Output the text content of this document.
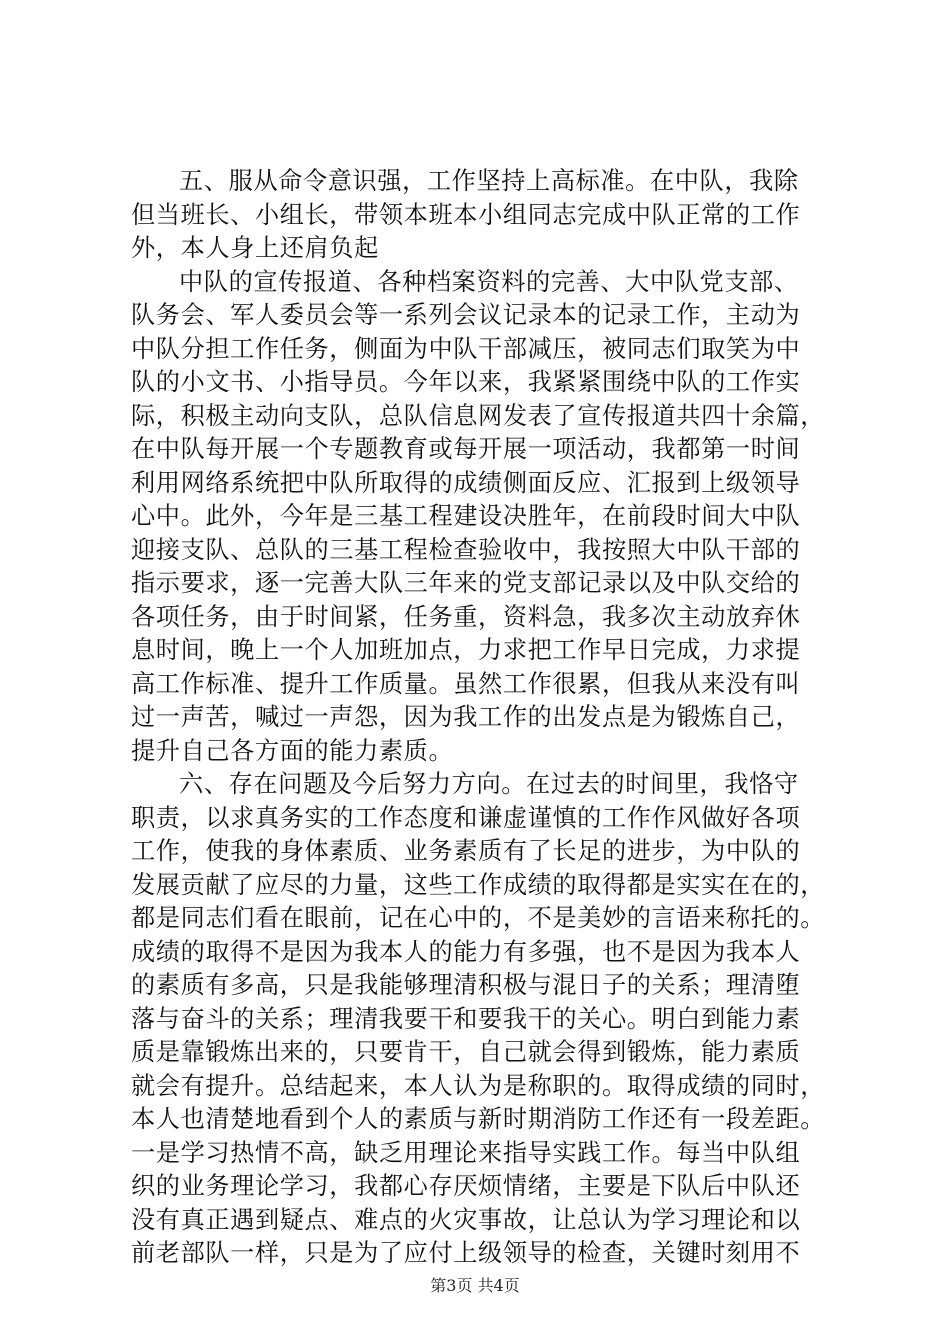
五、服从命令意识强，工作坚持上高标准。在中队，我除
但当班长、小组长，带领本班本小组同志完成中队正常的工作
外，本人身上还肩负起
中队的宣传报道、各种档案资料的完善、大中队党支部、
队务会、军人委员会等一系列会议记录本的记录工作，主动为
中队分担工作任务，侧面为中队干部减压，被同志们取笑为中
队的小文书、小指导员。今年以来，我紧紧围绕中队的工作实
际，积极主动向支队，总队信息网发表了宣传报道共四十余篇，
在中队每开展一个专题教育或每开展一项活动，我都第一时间
利用网络系统把中队所取得的成绩侧面反应、汇报到上级领导
心中。此外，今年是三基工程建设决胜年，在前段时间大中队
迎接支队、总队的三基工程检查验收中，我按照大中队干部的
指示要求，逐一完善大队三年来的党支部记录以及中队交给的
各项任务，由于时间紧，任务重，资料急，我多次主动放弃休
息时间，晚上一个人加班加点，力求把工作早日完成，力求提
高工作标准、提升工作质量。虽然工作很累，但我从来没有叫
过一声苦，喊过一声怨，因为我工作的出发点是为锻炼自己，
提升自己各方面的能力素质。
六、存在问题及今后努力方向。在过去的时间里，我恪守
职责，以求真务实的工作态度和谦虚谨慎的工作作风做好各项
工作，使我的身体素质、业务素质有了长足的进步，为中队的
发展贡献了应尽的力量，这些工作成绩的取得都是实实在在的，
都是同志们看在眼前，记在心中的，不是美妙的言语来称托的。
成绩的取得不是因为我本人的能力有多强，也不是因为我本人
的素质有多高，只是我能够理清积极与混日子的关系；理清堕
落与奋斗的关系；理清我要干和要我干的关心。明白到能力素
质是靠锻炼出来的，只要肯干，自己就会得到锻炼，能力素质
就会有提升。总结起来，本人认为是称职的。取得成绩的同时，
本人也清楚地看到个人的素质与新时期消防工作还有一段差距。
一是学习热情不高，缺乏用理论来指导实践工作。每当中队组
织的业务理论学习，我都心存厌烦情绪，主要是下队后中队还
没有真正遇到疑点、难点的火灾事故，让总认为学习理论和以
前老部队一样，只是为了应付上级领导的检查，关键时刻用不
第3页 共4页
